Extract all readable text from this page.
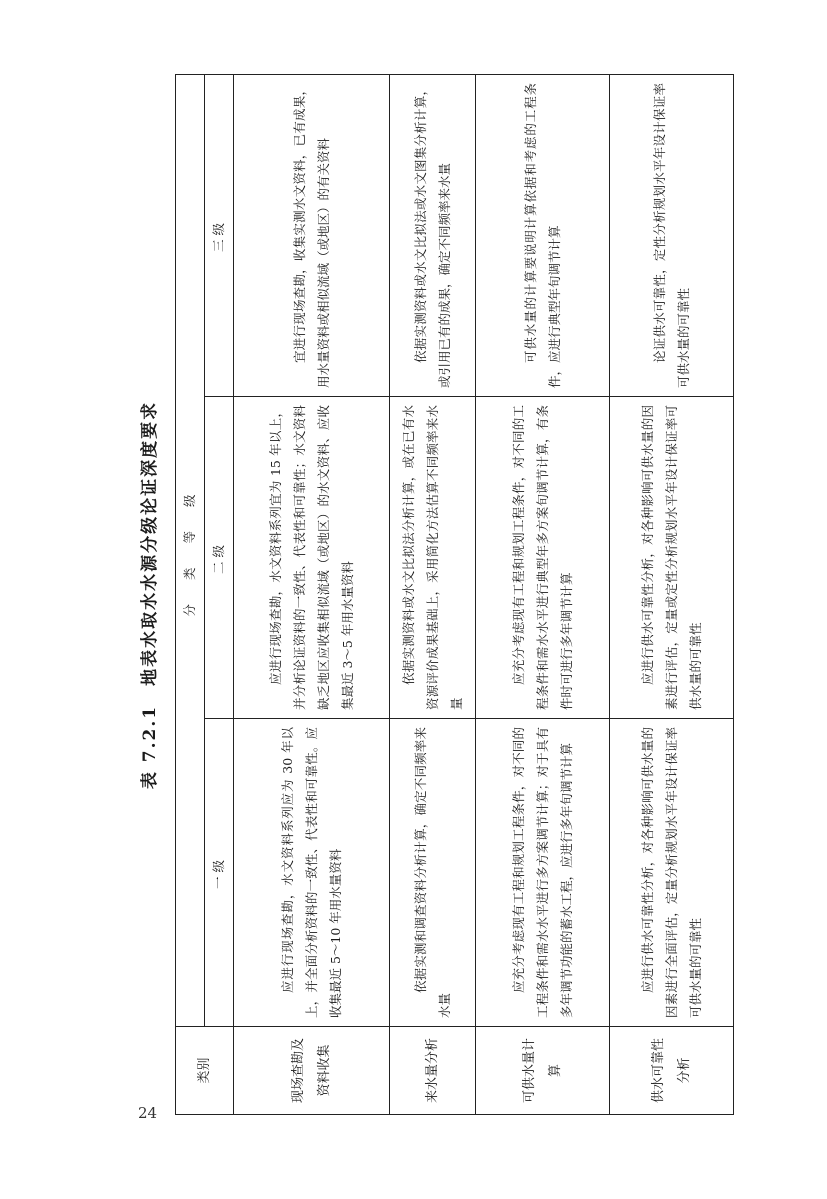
表 7.2.1　地表水取水水源分级论证深度要求
类别	分 类 等 级		
	一级	二级	三级
现场查勘及资料收集	应进行现场查勘，水文资料系列应为 30 年以上，并全面分析资料的一致性、代表性和可靠性。应收集最近 5～10 年用水量资料	应进行现场查勘，水文资料系列宜为 15 年以上，并分析论证资料的一致性、代表性和可靠性；水文资料缺乏地区应收集相似流域（或地区）的水文资料、应收集最近 3～5 年用水量资料	宜进行现场查勘，收集实测水文资料，已有成果，用水量资料或相似流域（或地区）的有关资料
来水量分析	依据实测和调查资料分析计算，确定不同频率来水量	依据实测资料或水文比拟法分析计算，或在已有水资源评价成果基础上，采用简化方法估算不同频率来水量	依据实测资料或水文比拟法或水文图集分析计算，或引用已有的成果，确定不同频率来水量
可供水量计算	应充分考虑现有工程和规划工程条件，对不同的工程条件和需水水平进行多方案调节计算；对于具有多年调节功能的蓄水工程，应进行多年旬调节计算	应充分考虑现有工程和规划工程条件，对不同的工程条件和需水水平进行典型年多方案旬调节计算，有条件时可进行多年调节计算	可供水量的计算要说明计算依据和考虑的工程条件，应进行典型年旬调节计算
供水可靠性分析	应进行供水可靠性分析，对各种影响可供水量的因素进行全面评估，定量分析规划水平年设计保证率可供水量的可靠性	应进行供水可靠性分析，对各种影响可供水量的因素进行评估，定量或定性分析规划水平年设计保证率可供水量的可靠性	论证供水可靠性，定性分析规划水平年设计保证率可供水量的可靠性
24
